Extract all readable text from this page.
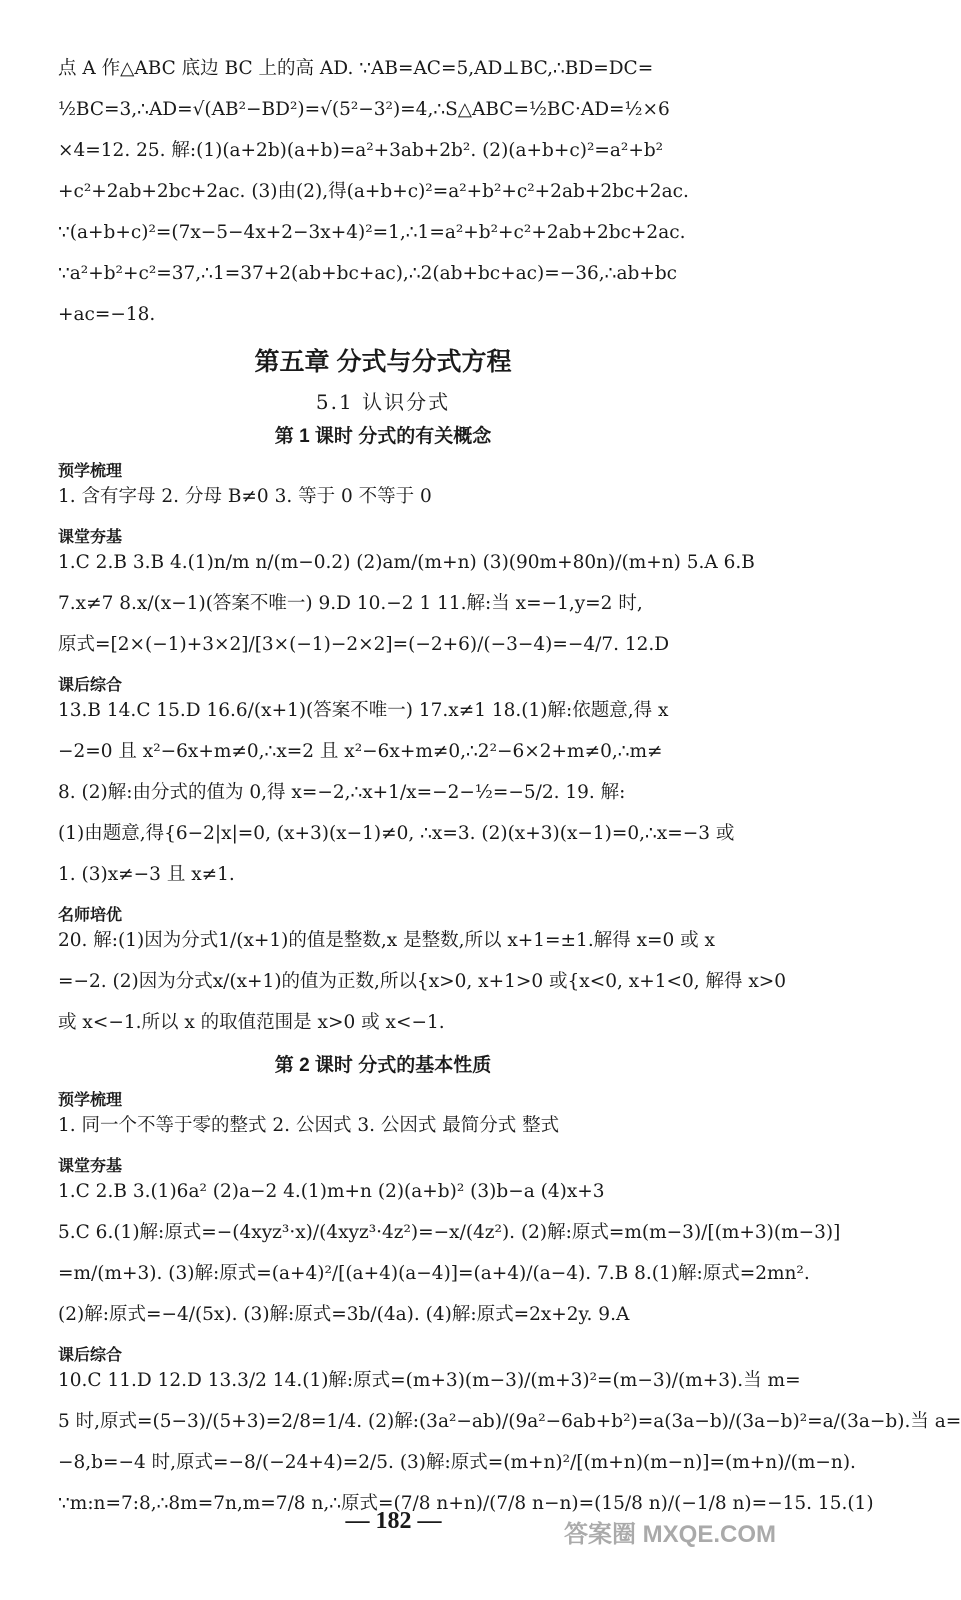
点 A 作△ABC 底边 BC 上的高 AD. ∵AB=AC=5,AD⊥BC,∴BD=DC=
½BC=3,∴AD=√(AB²−BD²)=√(5²−3²)=4,∴S△ABC=½BC·AD=½×6
×4=12. 25. 解:(1)(a+2b)(a+b)=a²+3ab+2b². (2)(a+b+c)²=a²+b²
+c²+2ab+2bc+2ac. (3)由(2),得(a+b+c)²=a²+b²+c²+2ab+2bc+2ac.
∵(a+b+c)²=(7x−5−4x+2−3x+4)²=1,∴1=a²+b²+c²+2ab+2bc+2ac.
∵a²+b²+c²=37,∴1=37+2(ab+bc+ac),∴2(ab+bc+ac)=−36,∴ab+bc
+ac=−18.
第五章 分式与分式方程
5.1 认识分式
第 1 课时 分式的有关概念
预学梳理
1. 含有字母 2. 分母 B≠0 3. 等于 0 不等于 0
课堂夯基
1.C 2.B 3.B 4.(1)n/m n/(m−0.2) (2)am/(m+n) (3)(90m+80n)/(m+n) 5.A 6.B
7.x≠7 8.x/(x−1)(答案不唯一) 9.D 10.−2 1 11.解:当 x=−1,y=2 时,
原式=[2×(−1)+3×2]/[3×(−1)−2×2]=(−2+6)/(−3−4)=−4/7. 12.D
课后综合
13.B 14.C 15.D 16.6/(x+1)(答案不唯一) 17.x≠1 18.(1)解:依题意,得 x
−2=0 且 x²−6x+m≠0,∴x=2 且 x²−6x+m≠0,∴2²−6×2+m≠0,∴m≠
8. (2)解:由分式的值为 0,得 x=−2,∴x+1/x=−2−½=−5/2. 19. 解:
(1)由题意,得{6−2|x|=0, (x+3)(x−1)≠0, ∴x=3. (2)(x+3)(x−1)=0,∴x=−3 或
1. (3)x≠−3 且 x≠1.
名师培优
20. 解:(1)因为分式1/(x+1)的值是整数,x 是整数,所以 x+1=±1.解得 x=0 或 x
=−2. (2)因为分式x/(x+1)的值为正数,所以{x>0, x+1>0 或{x<0, x+1<0, 解得 x>0
或 x<−1.所以 x 的取值范围是 x>0 或 x<−1.
第 2 课时 分式的基本性质
预学梳理
1. 同一个不等于零的整式 2. 公因式 3. 公因式 最简分式 整式
课堂夯基
1.C 2.B 3.(1)6a² (2)a−2 4.(1)m+n (2)(a+b)² (3)b−a (4)x+3
5.C 6.(1)解:原式=−(4xyz³·x)/(4xyz³·4z²)=−x/(4z²). (2)解:原式=m(m−3)/[(m+3)(m−3)]
=m/(m+3). (3)解:原式=(a+4)²/[(a+4)(a−4)]=(a+4)/(a−4). 7.B 8.(1)解:原式=2mn².
(2)解:原式=−4/(5x). (3)解:原式=3b/(4a). (4)解:原式=2x+2y. 9.A
课后综合
10.C 11.D 12.D 13.3/2 14.(1)解:原式=(m+3)(m−3)/(m+3)²=(m−3)/(m+3).当 m=
5 时,原式=(5−3)/(5+3)=2/8=1/4. (2)解:(3a²−ab)/(9a²−6ab+b²)=a(3a−b)/(3a−b)²=a/(3a−b).当 a=
−8,b=−4 时,原式=−8/(−24+4)=2/5. (3)解:原式=(m+n)²/[(m+n)(m−n)]=(m+n)/(m−n).
∵m:n=7:8,∴8m=7n,m=7/8 n,∴原式=(7/8 n+n)/(7/8 n−n)=(15/8 n)/(−1/8 n)=−15. 15.(1)
— 182 —	答案圈 MXQE.COM
